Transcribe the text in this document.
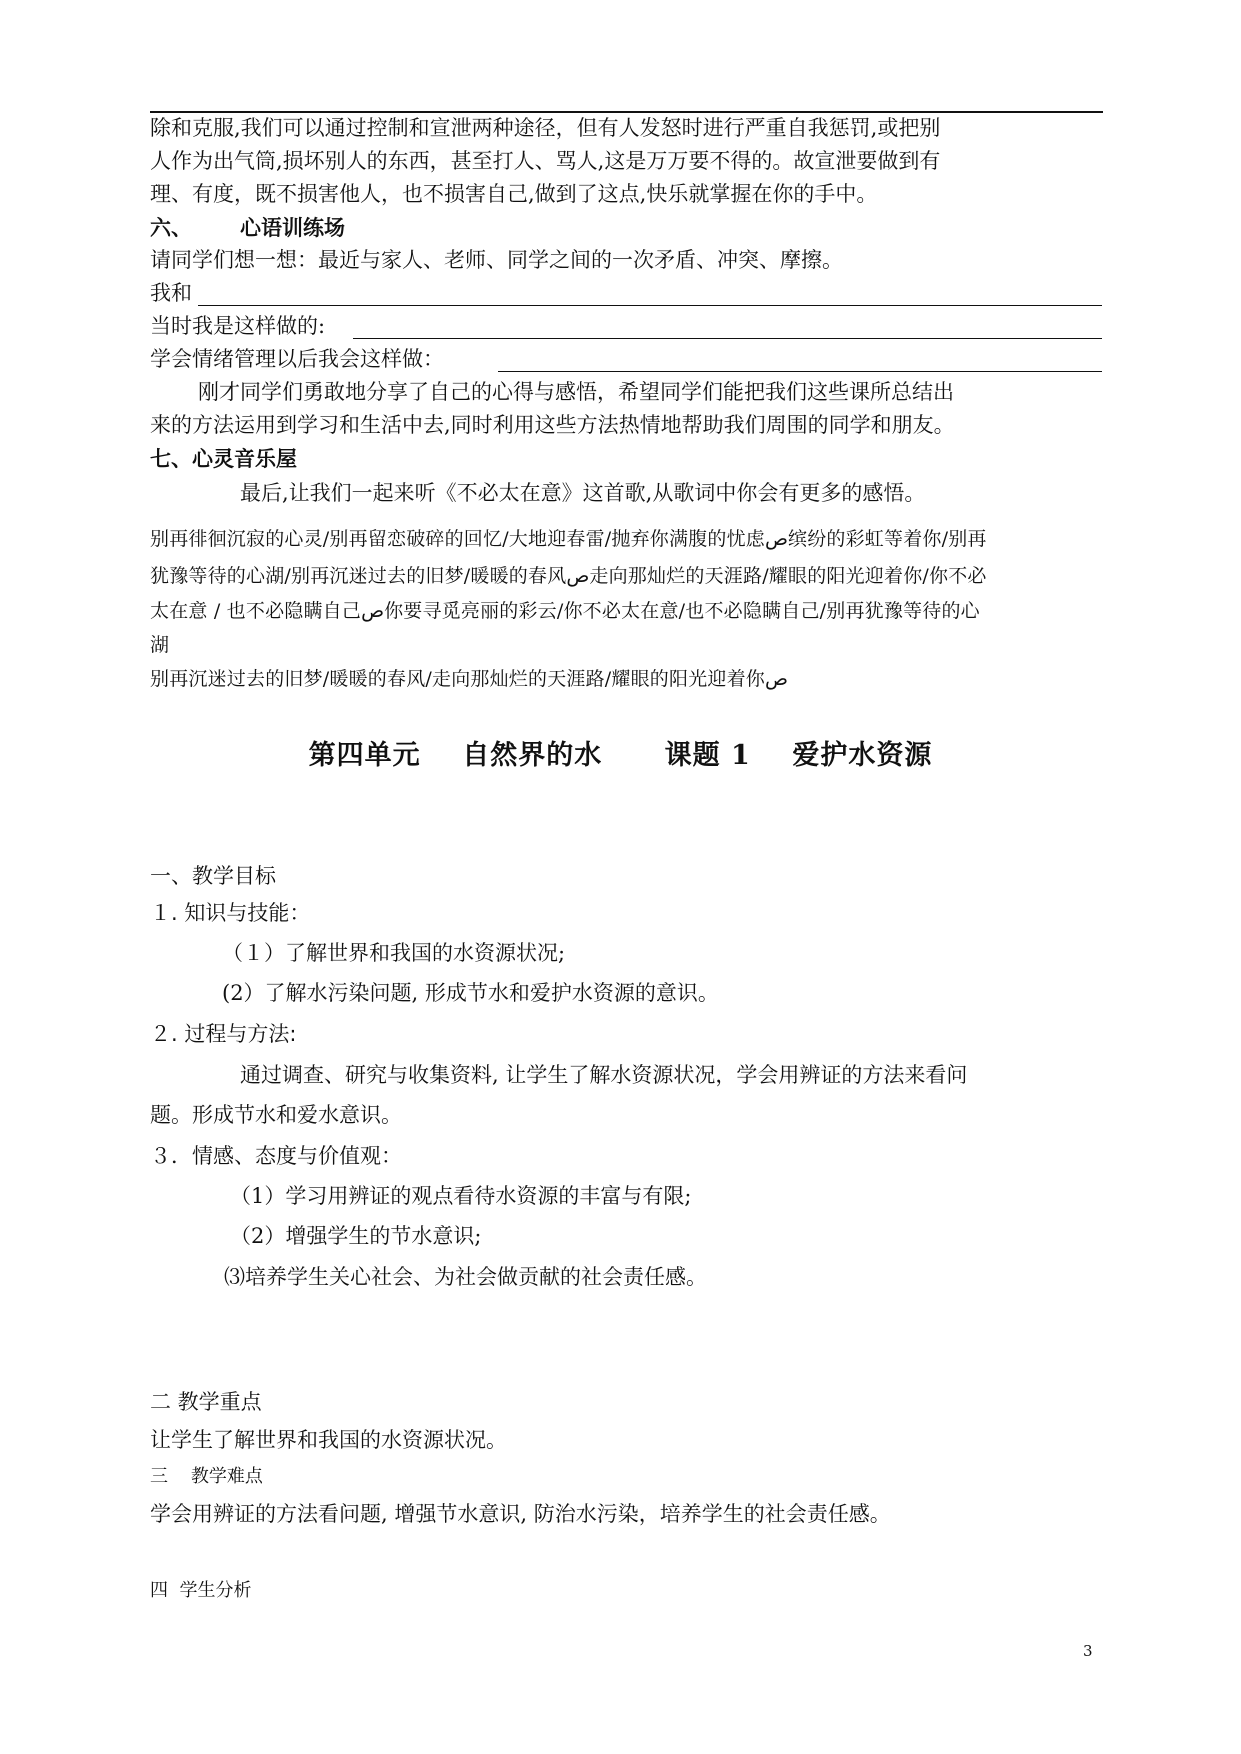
除和克服,我们可以通过控制和宣泄两种途径，但有人发怒时进行严重自我惩罚,或把别
人作为出气筒,损坏别人的东西，甚至打人、骂人,这是万万要不得的。故宣泄要做到有
理、有度，既不损害他人，也不损害自己,做到了这点,快乐就掌握在你的手中。
六、 心语训练场
请同学们想一想：最近与家人、老师、同学之间的一次矛盾、冲突、摩擦。
我和
当时我是这样做的:
学会情绪管理以后我会这样做：
刚才同学们勇敢地分享了自己的心得与感悟，希望同学们能把我们这些课所总结出
来的方法运用到学习和生活中去,同时利用这些方法热情地帮助我们周围的同学和朋友。
七、心灵音乐屋
最后,让我们一起来听《不必太在意》这首歌,从歌词中你会有更多的感悟。
别再徘徊沉寂的心灵/别再留恋破碎的回忆/大地迎春雷/抛弃你满腹的忧虑ﺹ缤纷的彩虹等着你/别再
犹豫等待的心湖/别再沉迷过去的旧梦/暖暖的春风ﺹ走向那灿烂的天涯路/耀眼的阳光迎着你/你不必
太在意 / 也不必隐瞒自己ﺹ你要寻觅亮丽的彩云/你不必太在意/也不必隐瞒自己/别再犹豫等待的心
湖
别再沉迷过去的旧梦/暖暖的春风/走向那灿烂的天涯路/耀眼的阳光迎着你ﺹ
第四单元    自然界的水      课题 1    爱护水资源
一、教学目标
１. 知识与技能：
（１）了解世界和我国的水资源状况;
(2）了解水污染问题, 形成节水和爱护水资源的意识。
２. 过程与方法:
通过调查、研究与收集资料, 让学生了解水资源状况，学会用辨证的方法来看问
题。形成节水和爱水意识。
３．情感、态度与价值观：
（1）学习用辨证的观点看待水资源的丰富与有限;
（2）增强学生的节水意识;
⑶培养学生关心社会、为社会做贡献的社会责任感。
二 教学重点
让学生了解世界和我国的水资源状况。
三    教学难点
学会用辨证的方法看问题, 增强节水意识, 防治水污染，培养学生的社会责任感。
四  学生分析
3
